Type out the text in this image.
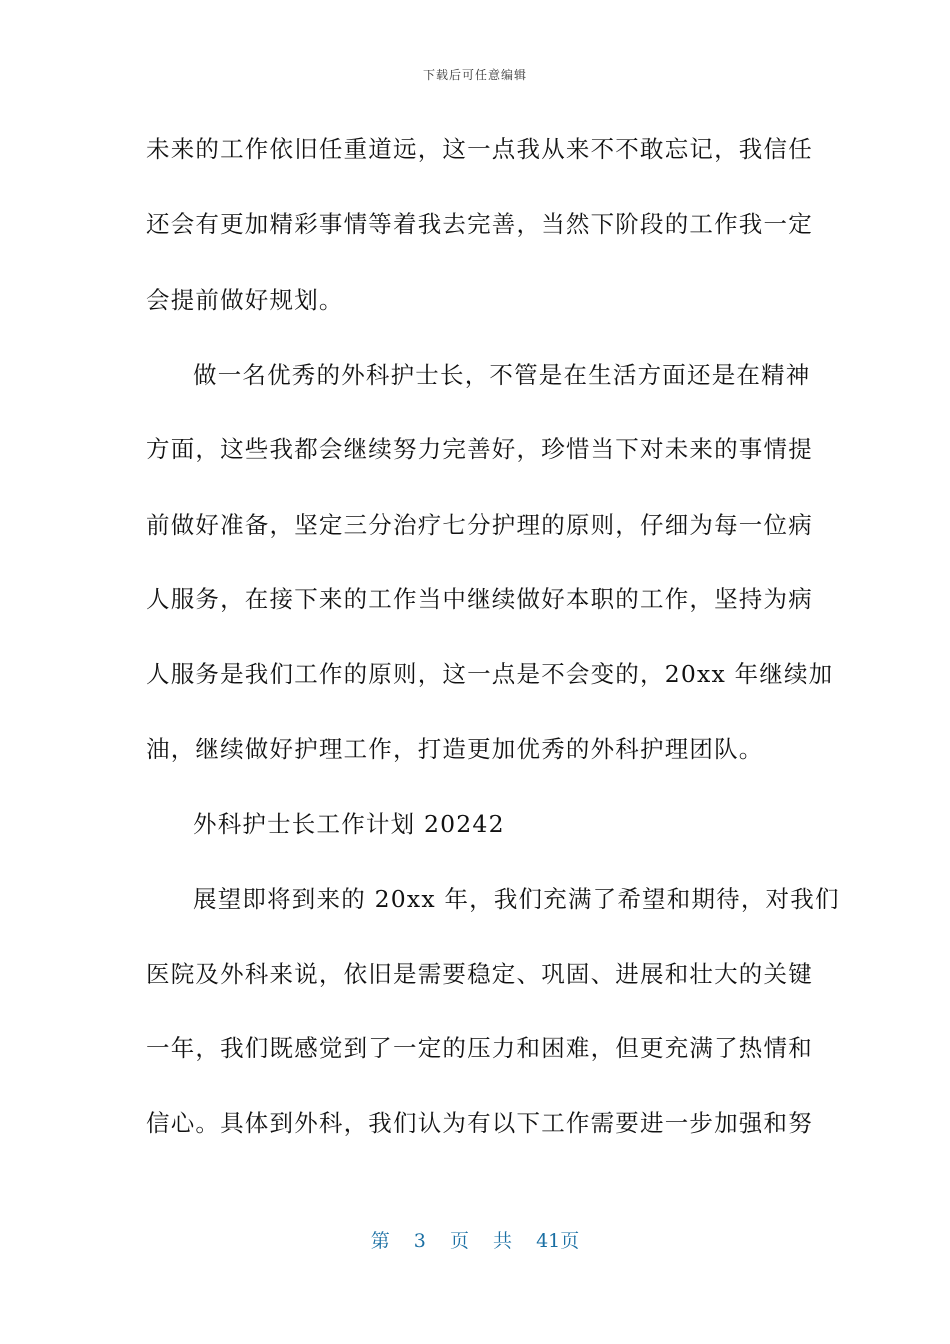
下载后可任意编辑
未来的工作依旧任重道远，这一点我从来不不敢忘记，我信任
还会有更加精彩事情等着我去完善，当然下阶段的工作我一定
会提前做好规划。
做一名优秀的外科护士长，不管是在生活方面还是在精神
方面，这些我都会继续努力完善好，珍惜当下对未来的事情提
前做好准备，坚定三分治疗七分护理的原则，仔细为每一位病
人服务，在接下来的工作当中继续做好本职的工作，坚持为病
人服务是我们工作的原则，这一点是不会变的，20xx 年继续加
油，继续做好护理工作，打造更加优秀的外科护理团队。
外科护士长工作计划 20242
展望即将到来的 20xx 年，我们充满了希望和期待，对我们
医院及外科来说，依旧是需要稳定、巩固、进展和壮大的关键
一年，我们既感觉到了一定的压力和困难，但更充满了热情和
信心。具体到外科，我们认为有以下工作需要进一步加强和努
第 3 页 共 41页
